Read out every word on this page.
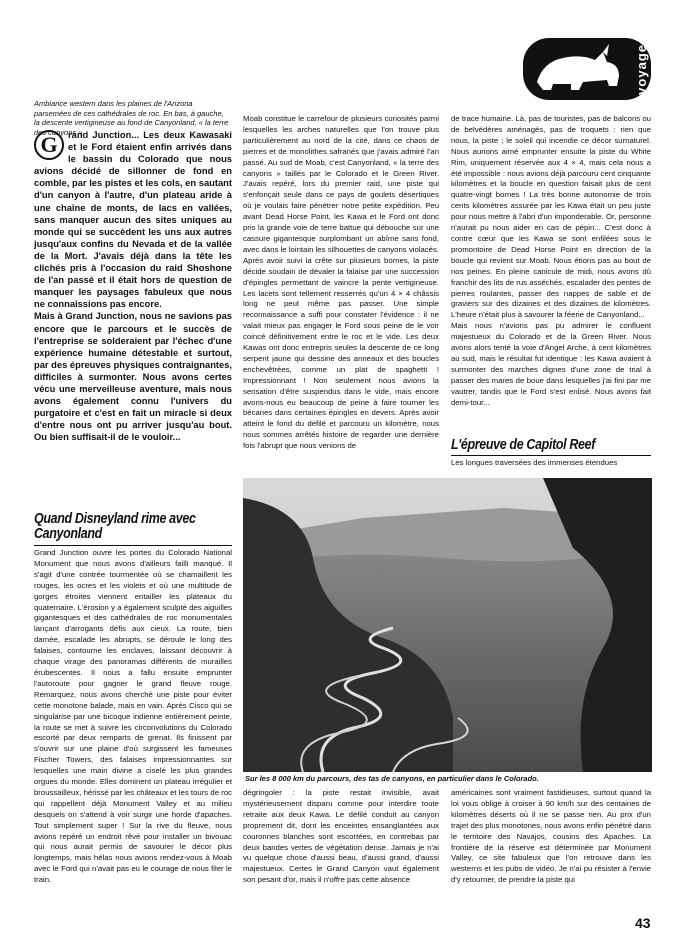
voyage

Ambiance western dans les plaines de l'Arizona parsemées de ces cathédrales de roc. En bas, à gauche, la descente vertigineuse au fond de Canyonland, « la terre des canyons ».

G	rand Junction... Les deux Kawasaki et le Ford étaient enfin arrivés dans le bassin du Colorado que nous avions décidé de sillonner de fond en comble, par les pistes et les cols, en sautant d'un canyon à l'autre, d'un plateau aride à une chaîne de monts, de lacs en vallées, sans manquer aucun des sites uniques au monde qui se succèdent les uns aux autres jusqu'aux confins du Nevada et de la vallée de la Mort. J'avais déjà dans la tête les clichés pris à l'occasion du raid Shoshone de l'an passé et il était hors de question de manquer les paysages fabuleux que nous ne connaissions pas encore.

Mais à Grand Junction, nous ne savions pas encore que le parcours et le succès de l'entreprise se solderaient par l'échec d'une expérience humaine détestable et surtout, par des épreuves physiques contraignantes, difficiles à surmonter. Nous avons certes vécu une merveilleuse aventure, mais nous avons également connu l'univers du purgatoire et c'est en fait un miracle si deux d'entre nous ont pu arriver jusqu'au bout. Ou bien suffisait-il de le vouloir...

Quand Disneyland rime avec Canyonland

Grand Junction ouvre les portes du Colorado National Monument que nous avons d'ailleurs failli manqué. Il s'agit d'une contrée tourmentée où se chamaillent les rouges, les ocres et les violets et où une multitude de gorges étroites viennent entailler les plateaux du quaternaire. L'érosion y a également sculpté des aiguilles gigantesques et des cathédrales de roc monumentales lançant d'arrogants défis aux cieux. La route, bien damée, escalade les abrupts, se déroule le long des falaises, contourne les enclaves, laissant découvrir à chaque virage des panoramas différents de murailles érubescentes. Il nous a fallu ensuite emprunter l'autoroute pour gagner le grand fleuve rouge. Remarquez, nous avons cherché une piste pour éviter cette monotone balade, mais en vain. Après Cisco qui se singularise par une bicoque indienne entièrement peinte, la route se met à suivre les circonvolutions du Colorado escorté par deux remparts de grenat. Ils finissent par s'ouvrir sur une plaine d'où surgissent les fameuses Fischer Towers, des falaises impressionnantes sur lesquelles une main divine a ciselé les plus grandes orgues du monde. Elles dominent un plateau irrégulier et broussailleux, hérissé par les châteaux et les tours de roc qui rappellent déjà Monument Valley et au milieu desquels on s'attend à voir surgir une horde d'apaches. Tout simplement super ! Sur la rive du fleuve, nous avions repéré un endroit rêvé pour installer un bivouac qui nous aurait permis de savourer le décor plus longtemps, mais hélas nous avions rendez-vous à Moab avec le Ford qui n'avait pas eu le courage de nous filer le train.

Moab constitue le carrefour de plusieurs curiosités parmi lesquelles les arches naturelles que l'on trouve plus particulièrement au nord de la cité, dans ce chaos de pierres et de monolithes safranés que j'avais admiré l'an passé. Au sud de Moab, c'est Canyonland, « la terre des canyons » taillés par le Colorado et le Green River. J'avais repéré, lors du premier raid, une piste qui s'enfonçait seule dans ce pays de goulets désertiques où je voulais faire pénétrer notre petite expédition. Peu avant Dead Horse Point, les Kawa et le Ford ont donc pris la grande voie de terre battue qui débouche sur une cassure gigantesque surplombant un abîme sans fond, avec dans le lointain les silhouettes de canyons violacés. Après avoir suivi la crête sur plusieurs bornes, la piste décide soudain de dévaler la falaise par une succession d'épingles permettant de vaincre la pente vertigineuse. Les lacets sont tellement resserrés qu'un 4 × 4 châssis long ne peut même pas passer. Une simple reconnaissance a suffi pour constater l'évidence : il ne valait mieux pas engager le Ford sous peine de le voir coincé définitivement entre le roc et le vide. Les deux Kawas ont donc entrepris seules la descente de ce long serpent jaune qui dessine des anneaux et des boucles enchevêtrées, comme un plat de spaghetti ! Impressionnant ! Non seulement nous avions la sensation d'être suspendus dans le vide, mais encore avons-nous eu beaucoup de peine à faire tourner les bécanes dans certaines épingles en devers. Après avoir atteint le fond du défilé et parcouru un kilomètre, nous nous sommes arrêtés histoire de regarder une dernière fois l'abrupt que nous venions de

de trace humaine. Là, pas de touristes, pas de balcons ou de belvédères aménagés, pas de troquets : rien que nous, la piste ; le soleil qui incendie ce décor surnaturel. Nous aurions aimé emprunter ensuite la piste du White Rim, uniquement réservée aux 4 × 4, mais cela nous a été impossible : nous avions déjà parcouru cent cinquante kilomètres et la boucle en question faisait plus de cent quatre-vingt bornes ! La très bonne autonomie de trois cents kilomètres assurée par les Kawa était un peu juste pour nous mettre à l'abri d'un imponderable. Or, personne n'aurait pu nous aider en cas de pépin... C'est donc à contre cœur que les Kawa se sont enfilées sous le promontoire de Dead Horse Point en direction de la boucle qui revient sur Moab. Nous étions pas au bout de nos peines. En pleine canicule de midi, nous avons dû franchir des lits de rus asséchés, escalader des pentes de pierres roulantes, passer des nappes de sable et de graviers sur des dizaines et des dizaines de kilomètres. L'heure n'était plus à savourer la féerie de Canyonland...

Mais nous n'avions pas pu admirer le confluent majestueux du Colorado et de la Green River. Nous avons alors tenté la voie d'Angel Arche, à cent kilomètres au sud, mais le résultat fut identique : les Kawa avaient à surmonter des marches dignes d'une zone de trial à passer des mares de boue dans lesquelles j'ai fini par me vautrer, tandis que le Ford s'est enlisé. Nous avons fait demi-tour...

L'épreuve de Capitol Reef

Les longues traversées des immenses étendues

Sur les 8 000 km du parcours, des tas de canyons, en particulier dans le Colorado.

dégringoler : la piste restait invisible, avait mystérieusement disparu comme pour interdire toute retraite aux deux Kawa. Le défilé conduit au canyon proprement dit, dont les enceintes ensanglantées aux couronnes blanches sont escortées, en contrebas par deux bandes vertes de végétation dense. Jamais je n'ai vu quelque chose d'aussi beau, d'aussi grand, d'aussi majestueux. Certes le Grand Canyon vaut également son pesant d'or, mais il n'offre pas cette absence

américaines sont vraiment fastidieuses, surtout quand la loi vous oblige à croiser à 90 km/h sur des centaines de kilomètres déserts où il ne se passe rien. Au prix d'un trajet des plus monotones, nous avons enfin pénétré dans le territoire des Navajos, cousins des Apaches. La frontière de la réserve est déterminée par Monument Valley, ce site fabuleux que l'on retrouve dans les westerns et les pubs de vidéo. Je n'ai pu résister à l'envie d'y retourner, de prendre la piste qui

43
